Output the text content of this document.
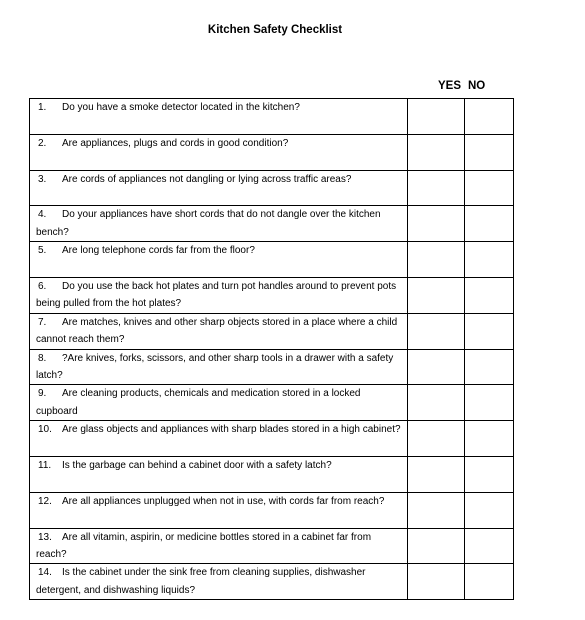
Kitchen Safety Checklist
YES NO
1. Do you have a smoke detector located in the kitchen?		

2. Are appliances, plugs and cords in good condition?		

3. Are cords of appliances not dangling or lying across traffic areas?		

4. Do your appliances have short cords that do not dangle over the kitchen bench?		

5. Are long telephone cords far from the floor?		

6. Do you use the back hot plates and turn pot handles around to prevent pots being pulled from the hot plates?		

7. Are matches, knives and other sharp objects stored in a place where a child cannot reach them?		

8. ?Are knives, forks, scissors, and other sharp tools in a drawer with a safety latch?		

9. Are cleaning products, chemicals and medication stored in a locked cupboard		

10. Are glass objects and appliances with sharp blades stored in a high cabinet?		

11. Is the garbage can behind a cabinet door with a safety latch?		

12. Are all appliances unplugged when not in use, with cords far from reach?		

13. Are all vitamin, aspirin, or medicine bottles stored in a cabinet far from reach?		

14. Is the cabinet under the sink free from cleaning supplies, dishwasher detergent, and dishwashing liquids?		
